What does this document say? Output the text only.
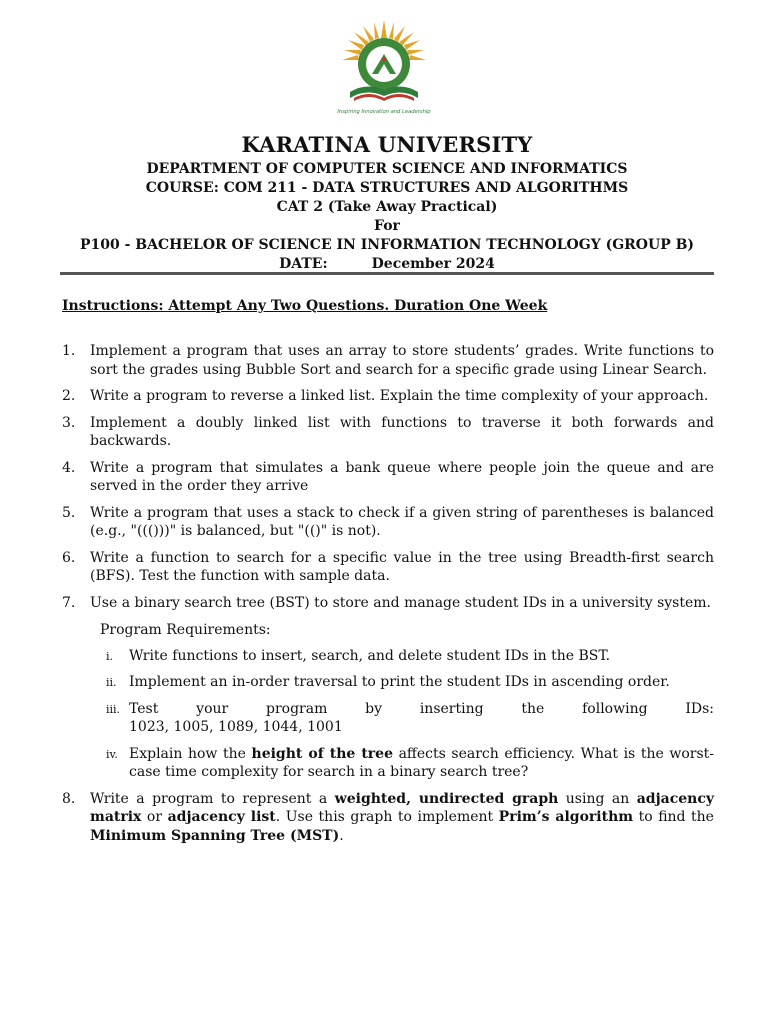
Inspiring Innovation and Leadership
KARATINA UNIVERSITY
DEPARTMENT OF COMPUTER SCIENCE AND INFORMATICS
COURSE: COM 211 - DATA STRUCTURES AND ALGORITHMS
CAT 2 (Take Away Practical)
For
P100 - BACHELOR OF SCIENCE IN INFORMATION TECHNOLOGY (GROUP B)
DATE:	December 2024
Instructions: Attempt Any Two Questions. Duration One Week
1. Implement a program that uses an array to store students’ grades. Write functions to sort the grades using Bubble Sort and search for a specific grade using Linear Search.
2. Write a program to reverse a linked list. Explain the time complexity of your approach.
3. Implement a doubly linked list with functions to traverse it both forwards and backwards.
4. Write a program that simulates a bank queue where people join the queue and are served in the order they arrive
5. Write a program that uses a stack to check if a given string of parentheses is balanced (e.g., "((()))" is balanced, but "(()" is not).
6. Write a function to search for a specific value in the tree using Breadth-first search (BFS). Test the function with sample data.
7. Use a binary search tree (BST) to store and manage student IDs in a university system.
Program Requirements:
i. Write functions to insert, search, and delete student IDs in the BST.
ii. Implement an in-order traversal to print the student IDs in ascending order.
iii. Test	your	program	by	inserting	the	following	IDs:
1023, 1005, 1089, 1044, 1001
iv. Explain how the height of the tree affects search efficiency. What is the worst-case time complexity for search in a binary search tree?
8. Write a program to represent a weighted, undirected graph using an adjacency matrix or adjacency list. Use this graph to implement Prim’s algorithm to find the Minimum Spanning Tree (MST).
